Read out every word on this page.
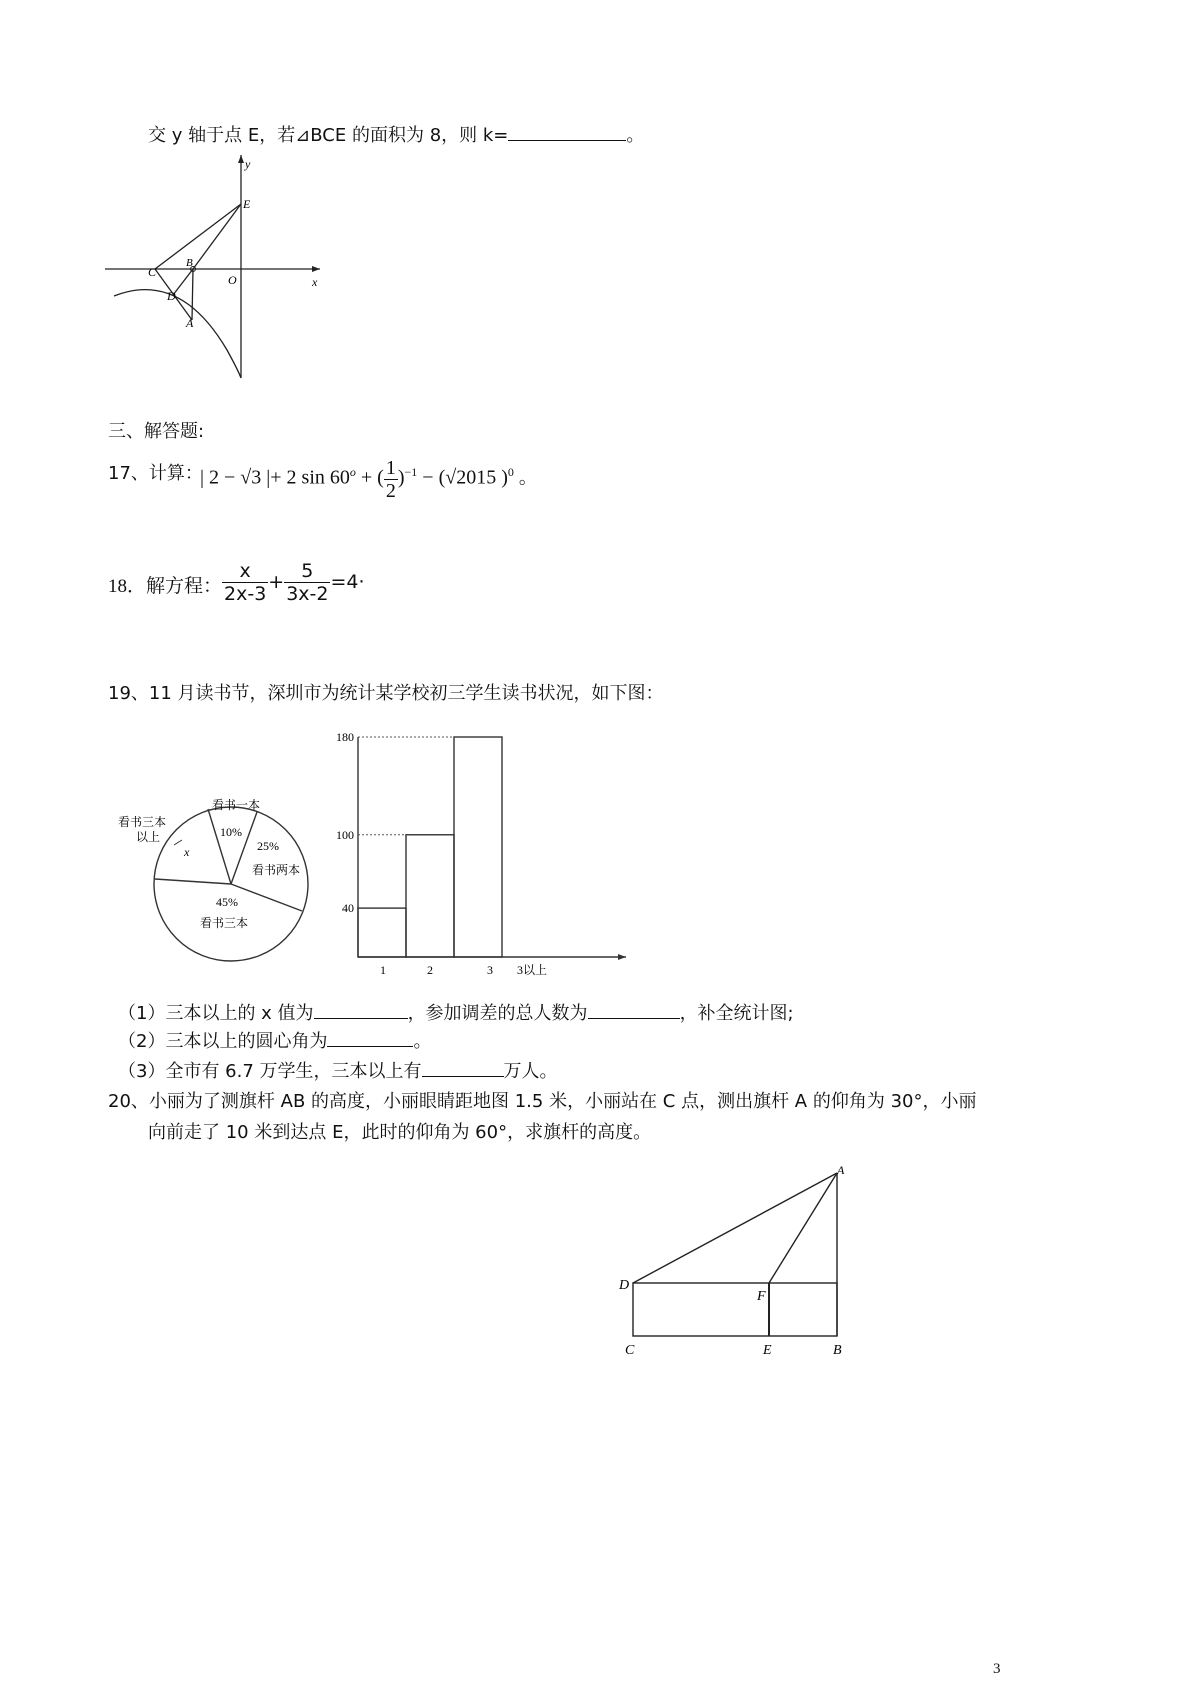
交 y 轴于点 E，若⊿BCE 的面积为 8，则 k=	。
y
x
E
C
B
O
D
A
三、解答题:
17、计算：
| 2 − √3 |+ 2 $\sin 60^o$ + ( $\frac{1}{2} )^{-1} - (√2015$ )$^0$ 。
18．解方程： $\frac{x}{2x-3} + \frac{5}{3x-2} =4\cdot$
19、11 月读书节，深圳市为统计某学校初三学生读书状况，如下图：
看书一本
10%
25%
看书两本
45%
看书三本
看书三本
以上
x
40
100
180
1	2	3 3以上
（1）三本以上的 x 值为	，参加调差的总人数为	，补全统计图;
（2）三本以上的圆心角为	。
（3）全市有 6.7 万学生，三本以上有	万人。
20、小丽为了测旗杆 AB 的高度，小丽眼睛距地图 1.5 米，小丽站在 C 点，测出旗杆 A 的仰角为 30°，小丽
向前走了 10 米到达点 E，此时的仰角为 60°，求旗杆的高度。
A
D
F
C	E	B
3
